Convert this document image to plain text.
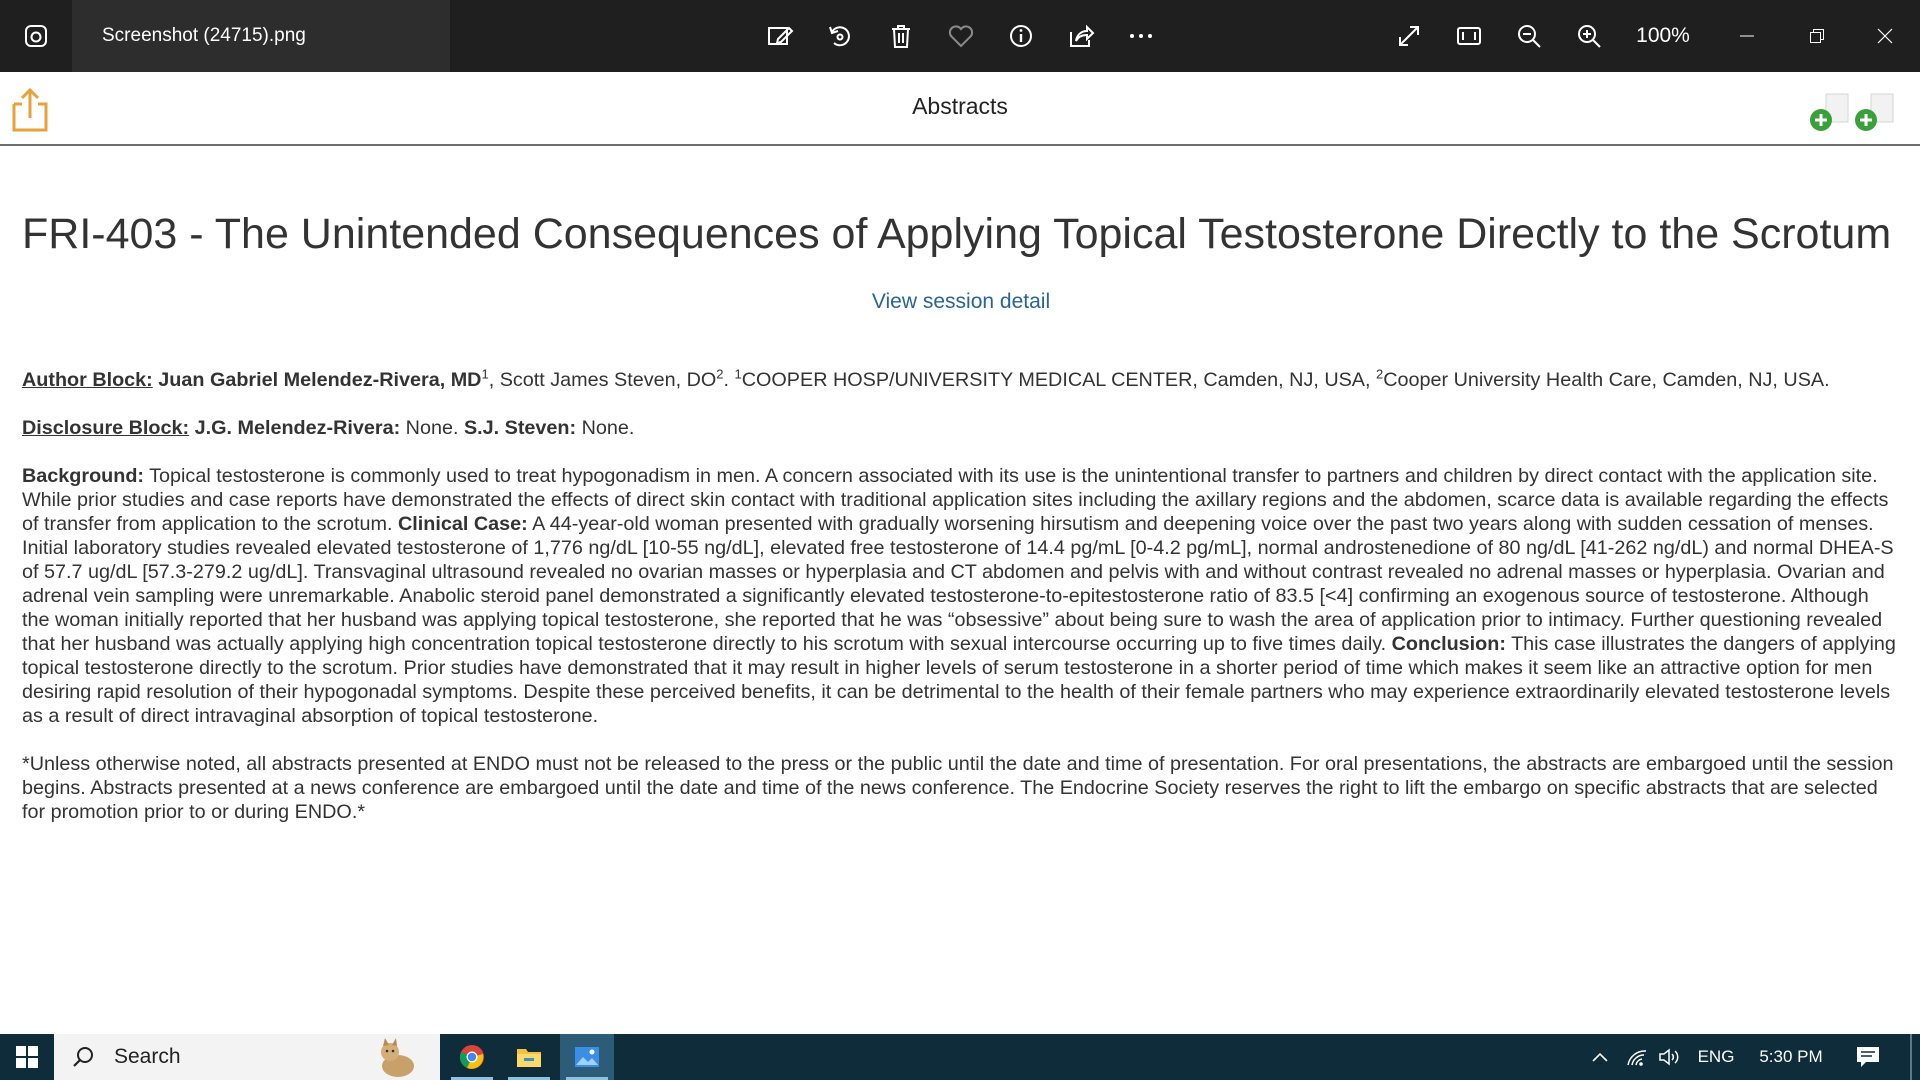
Screenshot (24715).png	100%
Abstracts
FRI-403 - The Unintended Consequences of Applying Topical Testosterone Directly to the Scrotum
View session detail

Author Block: Juan Gabriel Melendez-Rivera, $MD^1$, Scott James Steven, $DO^2$. $^1$COOPER HOSP/UNIVERSITY MEDICAL CENTER, Camden, NJ, USA, $^2$Cooper University Health Care, Camden, NJ, USA.

Disclosure Block: J.G. Melendez-Rivera: None. S.J. Steven: None.

Background: Topical testosterone is commonly used to treat hypogonadism in men. A concern associated with its use is the unintentional transfer to partners and children by direct contact with the application site. While prior studies and case reports have demonstrated the effects of direct skin contact with traditional application sites including the axillary regions and the abdomen, scarce data is available regarding the effects of transfer from application to the scrotum. Clinical Case: A 44-year-old woman presented with gradually worsening hirsutism and deepening voice over the past two years along with sudden cessation of menses. Initial laboratory studies revealed elevated testosterone of 1,776 ng/dL [10-55 ng/dL], elevated free testosterone of 14.4 pg/mL [0-4.2 pg/mL], normal androstenedione of 80 ng/dL [41-262 ng/dL) and normal DHEA-S of 57.7 ug/dL [57.3-279.2 ug/dL]. Transvaginal ultrasound revealed no ovarian masses or hyperplasia and CT abdomen and pelvis with and without contrast revealed no adrenal masses or hyperplasia. Ovarian and adrenal vein sampling were unremarkable. Anabolic steroid panel demonstrated a significantly elevated testosterone-to-epitestosterone ratio of 83.5 [<4] confirming an exogenous source of testosterone. Although the woman initially reported that her husband was applying topical testosterone, she reported that he was “obsessive” about being sure to wash the area of application prior to intimacy. Further questioning revealed that her husband was actually applying high concentration topical testosterone directly to his scrotum with sexual intercourse occurring up to five times daily. Conclusion: This case illustrates the dangers of applying topical testosterone directly to the scrotum. Prior studies have demonstrated that it may result in higher levels of serum testosterone in a shorter period of time which makes it seem like an attractive option for men desiring rapid resolution of their hypogonadal symptoms. Despite these perceived benefits, it can be detrimental to the health of their female partners who may experience extraordinarily elevated testosterone levels as a result of direct intravaginal absorption of topical testosterone.

*Unless otherwise noted, all abstracts presented at ENDO must not be released to the press or the public until the date and time of presentation. For oral presentations, the abstracts are embargoed until the session begins. Abstracts presented at a news conference are embargoed until the date and time of the news conference. The Endocrine Society reserves the right to lift the embargo on specific abstracts that are selected for promotion prior to or during ENDO.*

Search	ENG 5:30 PM
